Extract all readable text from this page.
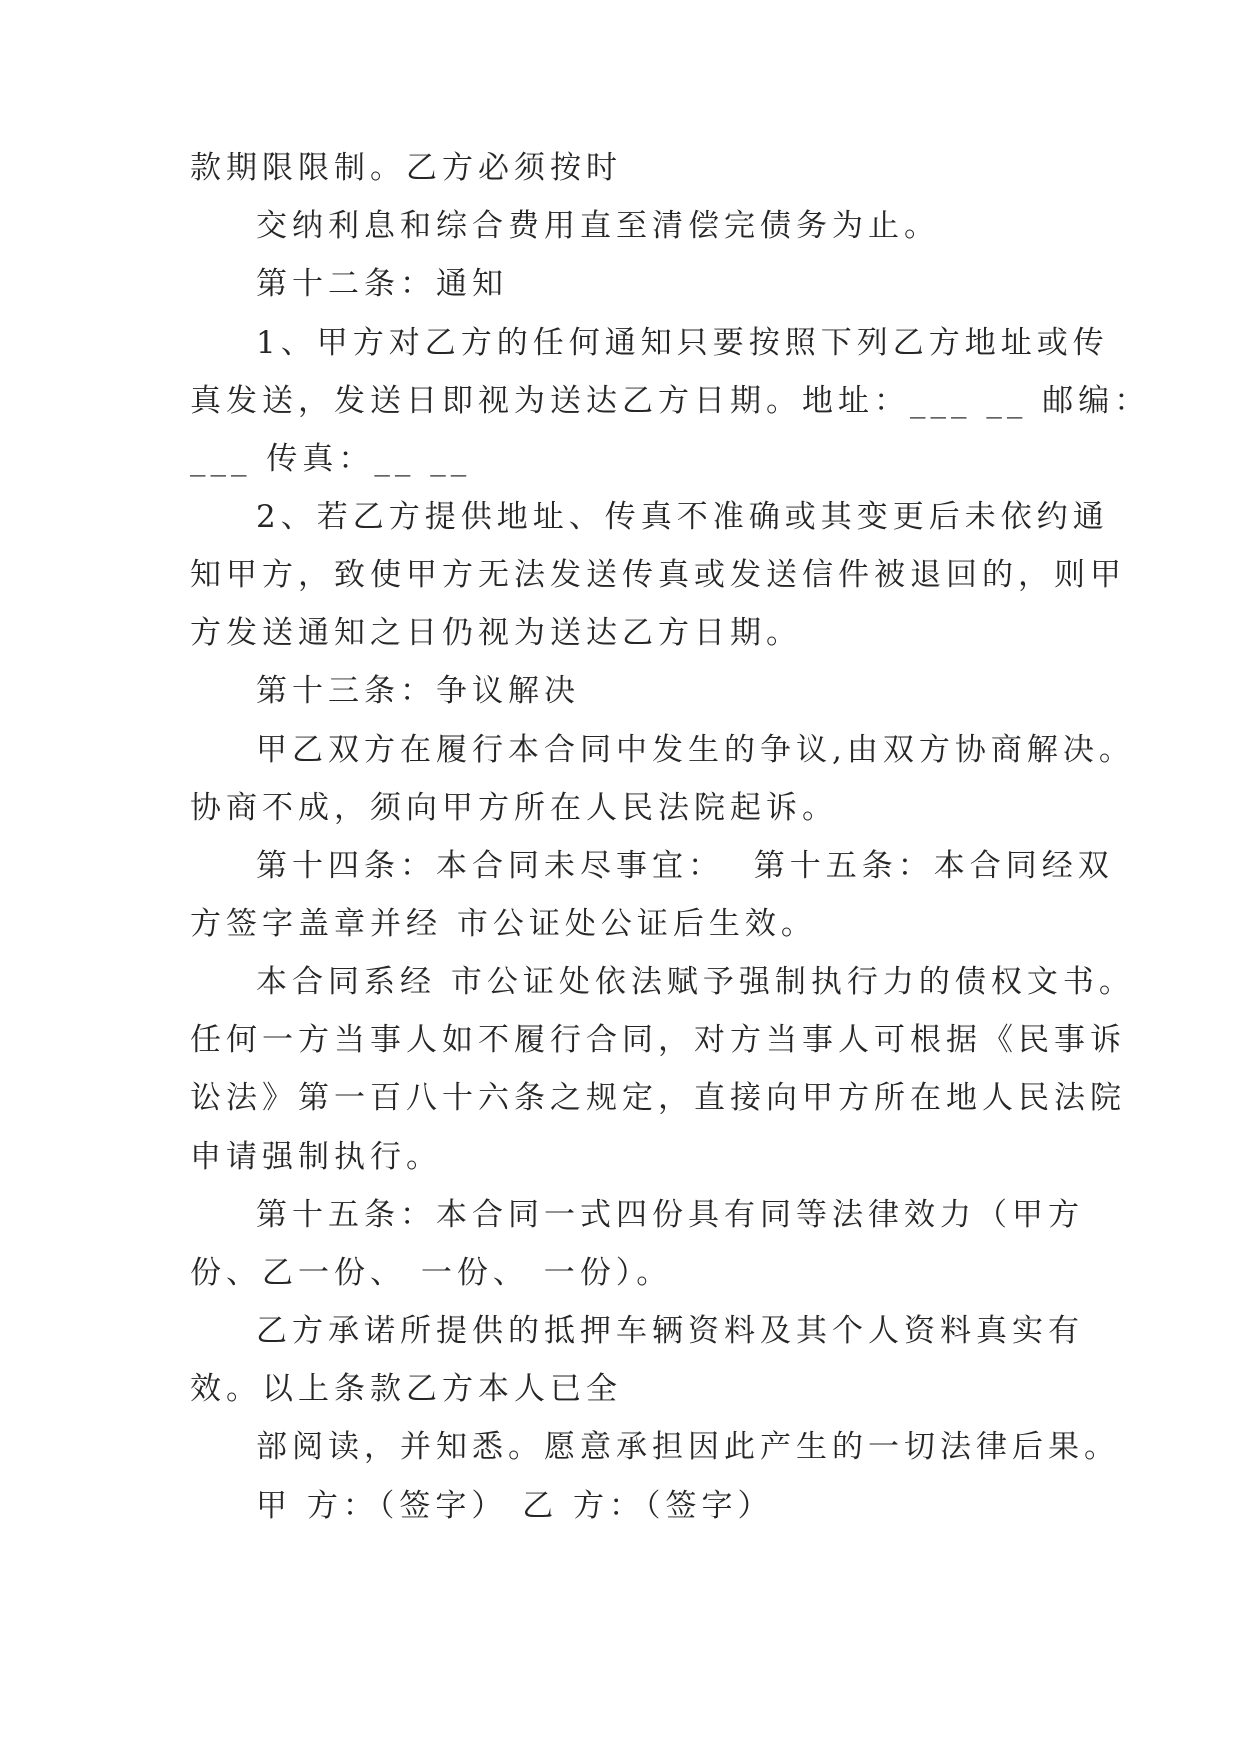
款期限限制。乙方必须按时
交纳利息和综合费用直至清偿完债务为止。
第十二条：通知
1、甲方对乙方的任何通知只要按照下列乙方地址或传
真发送，发送日即视为送达乙方日期。地址：___ __ 邮编：
___ 传真：__ __
2、若乙方提供地址、传真不准确或其变更后未依约通
知甲方，致使甲方无法发送传真或发送信件被退回的，则甲
方发送通知之日仍视为送达乙方日期。
第十三条：争议解决
甲乙双方在履行本合同中发生的争议,由双方协商解决。
协商不成，须向甲方所在人民法院起诉。
第十四条：本合同未尽事宜：  第十五条：本合同经双
方签字盖章并经 市公证处公证后生效。
本合同系经 市公证处依法赋予强制执行力的债权文书。
任何一方当事人如不履行合同，对方当事人可根据《民事诉
讼法》第一百八十六条之规定，直接向甲方所在地人民法院
申请强制执行。
第十五条：本合同一式四份具有同等法律效力（甲方
份、乙一份、 一份、 一份）。
乙方承诺所提供的抵押车辆资料及其个人资料真实有
效。以上条款乙方本人已全
部阅读，并知悉。愿意承担因此产生的一切法律后果。
甲 方：（签字） 乙 方：（签字）
